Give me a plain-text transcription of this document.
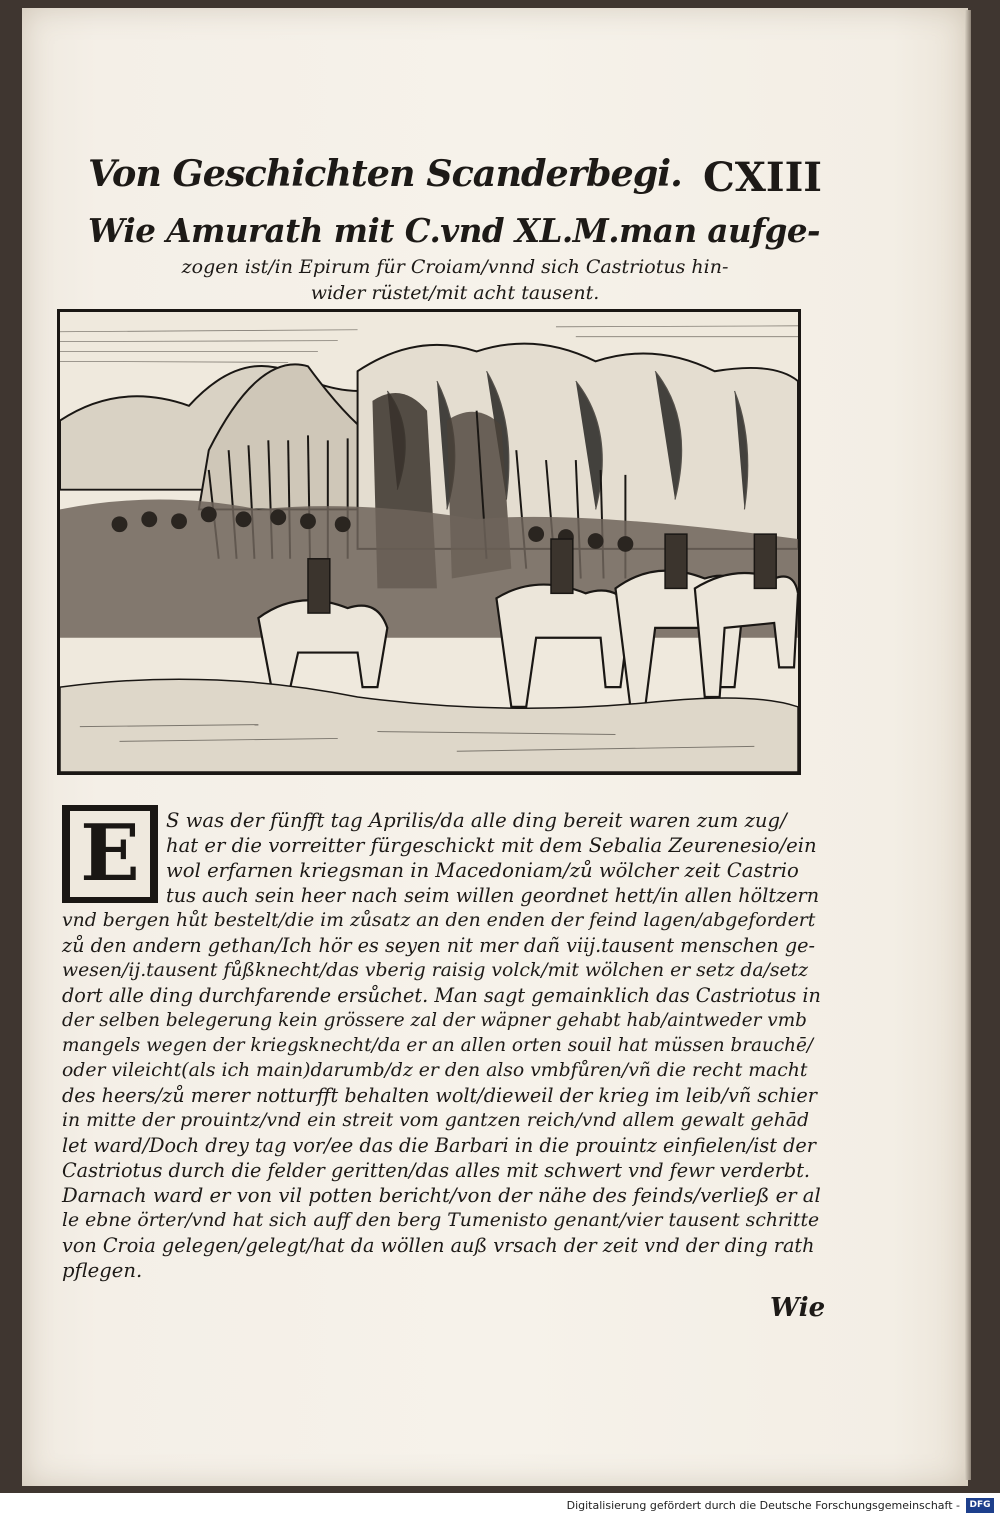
Von Geschichten Scanderbegi. CXIII
Wie Amurath mit C.vnd XL.M.man aufge-
zogen ist/in Epirum für Croiam/vnnd sich Castriotus hin-
wider rüstet/mit acht tausent.
E	S was der fünfft tag Aprilis/da alle ding bereit waren zum zug/
hat er die vorreitter fürgeschickt mit dem Sebalia Zeurenesio/ein
wol erfarnen kriegsman in Macedoniam/zů wölcher zeit Castrio
tus auch sein heer nach seim willen geordnet hett/in allen höltzern
vnd bergen hůt bestelt/die im zůsatz an den enden der feind lagen/abgefordert
zů den andern gethan/Ich hör es seyen nit mer dañ viij.tausent menschen ge-
wesen/ij.tausent fůßknecht/das vberig raisig volck/mit wölchen er setz da/setz
dort alle ding durchfarende ersůchet. Man sagt gemainklich das Castriotus in
der selben belegerung kein grössere zal der wäpner gehabt hab/aintweder vmb
mangels wegen der kriegsknecht/da er an allen orten souil hat müssen brauchē/
oder vileicht(als ich main)darumb/dz er den also vmbfůren/vñ die recht macht
des heers/zů merer notturfft behalten wolt/dieweil der krieg im leib/vñ schier
in mitte der prouintz/vnd ein streit vom gantzen reich/vnd allem gewalt gehād
let ward/Doch drey tag vor/ee das die Barbari in die prouintz einfielen/ist der
Castriotus durch die felder geritten/das alles mit schwert vnd fewr verderbt.
Darnach ward er von vil potten bericht/von der nähe des feinds/verließ er al
le ebne örter/vnd hat sich auff den berg Tumenisto genant/vier tausent schritte
von Croia gelegen/gelegt/hat da wöllen auß vrsach der zeit vnd der ding rath
pflegen.
Wie
Digitalisierung gefördert durch die Deutsche Forschungsgemeinschaft -	DFG
